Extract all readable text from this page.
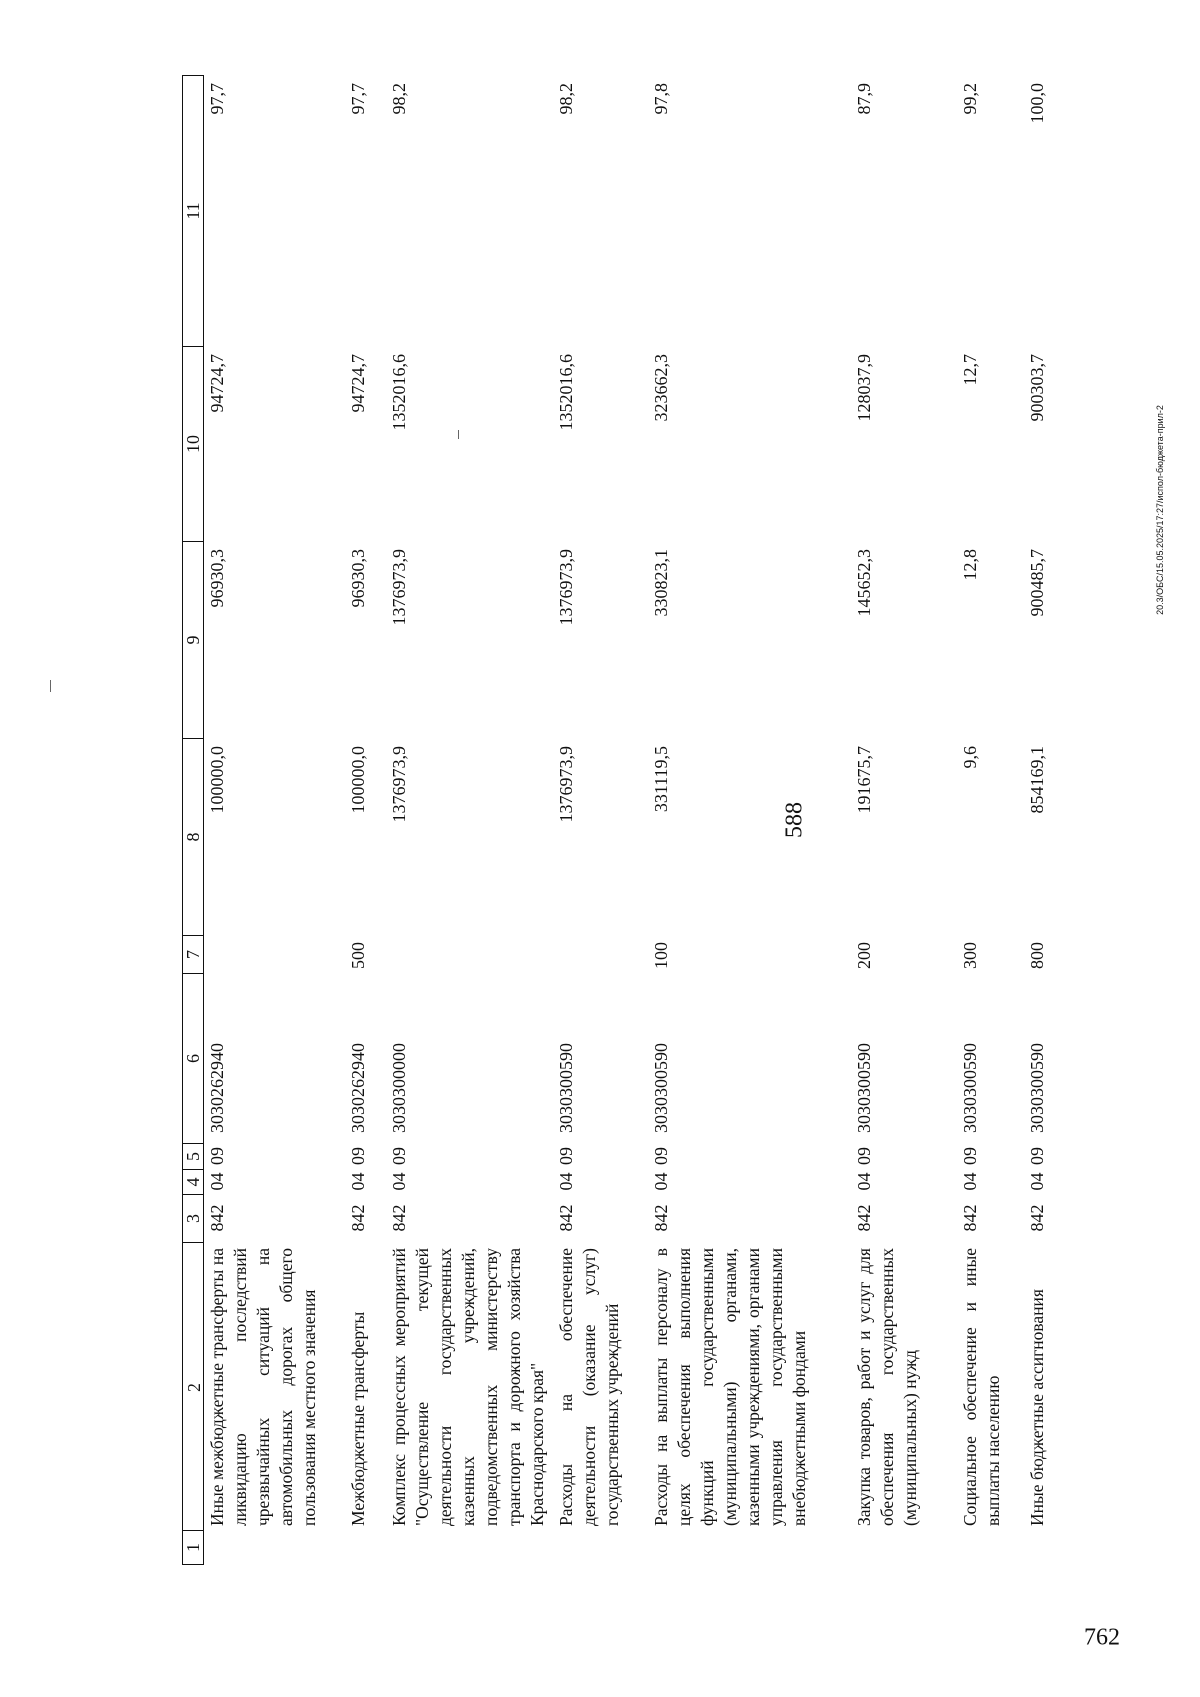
588
762
20.3/ОБС/15.05.2025/17:27/испол-бюджета-прил-2
1
2
3
4
5
6
7
8
9
10
11
Иные межбюджетные трансферты на ликвидацию последствий чрезвычайных ситуаций на автомобильных дорогах общего пользования местного значения
842
04
09
3030262940
100000,0
96930,3
94724,7
97,7
Межбюджетные трансферты
842
04
09
3030262940
500
100000,0
96930,3
94724,7
97,7
Комплекс процессных мероприятий "Осуществление текущей деятельности государственных казенных учреждений, подведомственных министерству транспорта и дорожного хозяйства Краснодарского края"
842
04
09
3030300000
1376973,9
1376973,9
1352016,6
98,2
Расходы на обеспечение деятельности (оказание услуг) государственных учреждений
842
04
09
3030300590
1376973,9
1376973,9
1352016,6
98,2
Расходы на выплаты персоналу в целях обеспечения выполнения функций государственными (муниципальными) органами, казенными учреждениями, органами управления государственными внебюджетными фондами
842
04
09
3030300590
100
331119,5
330823,1
323662,3
97,8
Закупка товаров, работ и услуг для обеспечения государственных (муниципальных) нужд
842
04
09
3030300590
200
191675,7
145652,3
128037,9
87,9
Социальное обеспечение и иные выплаты населению
842
04
09
3030300590
300
9,6
12,8
12,7
99,2
Иные бюджетные ассигнования
842
04
09
3030300590
800
854169,1
900485,7
900303,7
100,0
